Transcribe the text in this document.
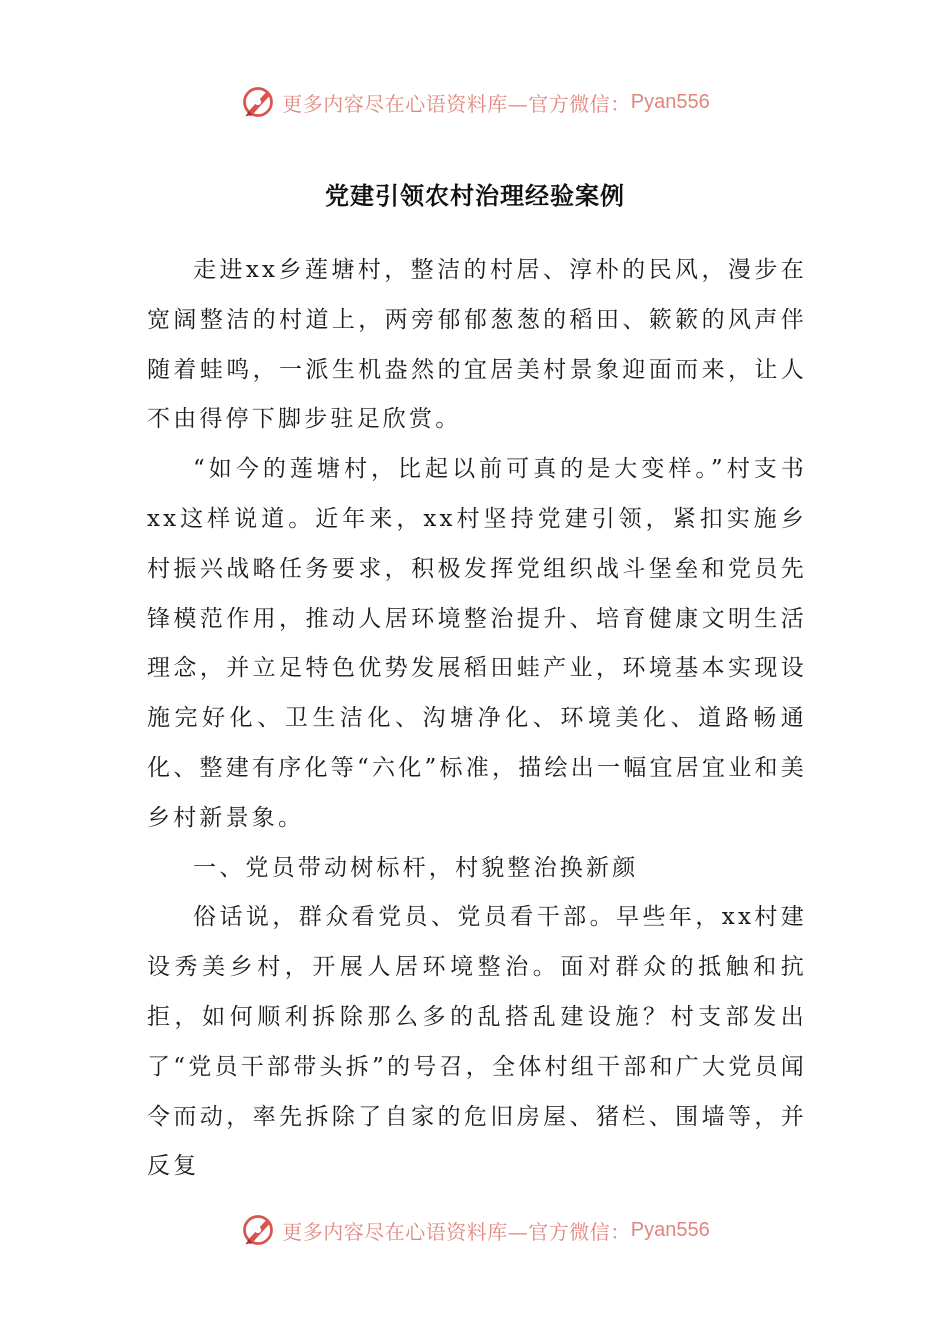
更多内容尽在心语资料库—官方微信： Pyan556
党建引领农村治理经验案例

走进xx乡莲塘村，整洁的村居、淳朴的民风，漫步在宽阔整洁的村道上，两旁郁郁葱葱的稻田、簌簌的风声伴随着蛙鸣，一派生机盎然的宜居美村景象迎面而来，让人不由得停下脚步驻足欣赏。

“如今的莲塘村，比起以前可真的是大变样。”村支书xx这样说道。近年来，xx村坚持党建引领，紧扣实施乡村振兴战略任务要求，积极发挥党组织战斗堡垒和党员先锋模范作用，推动人居环境整治提升、培育健康文明生活理念，并立足特色优势发展稻田蛙产业，环境基本实现设施完好化、卫生洁化、沟塘净化、环境美化、道路畅通化、整建有序化等“六化”标准，描绘出一幅宜居宜业和美乡村新景象。

一、党员带动树标杆，村貌整治换新颜

俗话说，群众看党员、党员看干部。早些年，xx村建设秀美乡村，开展人居环境整治。面对群众的抵触和抗拒，如何顺利拆除那么多的乱搭乱建设施？村支部发出了“党员干部带头拆”的号召，全体村组干部和广大党员闻令而动，率先拆除了自家的危旧房屋、猪栏、围墙等，并反复

更多内容尽在心语资料库—官方微信： Pyan556
